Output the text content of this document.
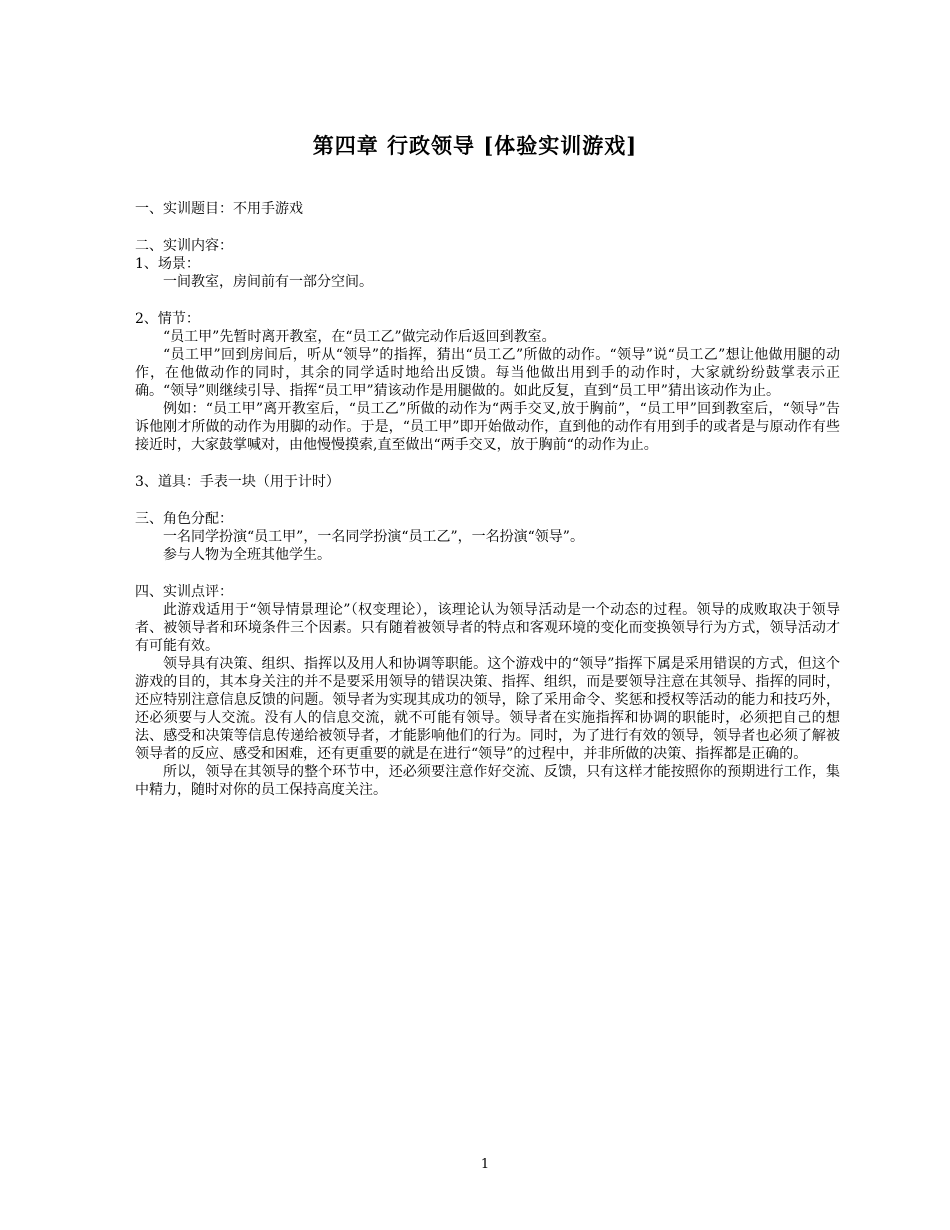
第四章 行政领导 [体验实训游戏]

一、实训题目：不用手游戏

二、实训内容：

1、场景：

一间教室，房间前有一部分空间。

2、情节：

“员工甲”先暂时离开教室，在“员工乙”做完动作后返回到教室。

“员工甲”回到房间后，听从“领导”的指挥，猜出“员工乙”所做的动作。“领导”说“员工乙”想让他做用腿的动作，在他做动作的同时，其余的同学适时地给出反馈。每当他做出用到手的动作时，大家就纷纷鼓掌表示正确。“领导”则继续引导、指挥“员工甲”猜该动作是用腿做的。如此反复，直到“员工甲”猜出该动作为止。

例如：“员工甲”离开教室后，“员工乙”所做的动作为“两手交叉,放于胸前”，“员工甲”回到教室后，“领导”告诉他刚才所做的动作为用脚的动作。于是，“员工甲”即开始做动作，直到他的动作有用到手的或者是与原动作有些接近时，大家鼓掌喊对，由他慢慢摸索,直至做出“两手交叉，放于胸前“的动作为止。

3、道具：手表一块（用于计时）

三、角色分配：

一名同学扮演“员工甲”，一名同学扮演“员工乙”，一名扮演“领导”。

参与人物为全班其他学生。

四、实训点评：

此游戏适用于“领导情景理论”（权变理论），该理论认为领导活动是一个动态的过程。领导的成败取决于领导者、被领导者和环境条件三个因素。只有随着被领导者的特点和客观环境的变化而变换领导行为方式，领导活动才有可能有效。

领导具有决策、组织、指挥以及用人和协调等职能。这个游戏中的“领导”指挥下属是采用错误的方式，但这个游戏的目的，其本身关注的并不是要采用领导的错误决策、指挥、组织，而是要领导注意在其领导、指挥的同时，还应特别注意信息反馈的问题。领导者为实现其成功的领导，除了采用命令、奖惩和授权等活动的能力和技巧外，还必须要与人交流。没有人的信息交流，就不可能有领导。领导者在实施指挥和协调的职能时，必须把自己的想法、感受和决策等信息传递给被领导者，才能影响他们的行为。同时，为了进行有效的领导，领导者也必须了解被领导者的反应、感受和困难，还有更重要的就是在进行“领导”的过程中，并非所做的决策、指挥都是正确的。

所以，领导在其领导的整个环节中，还必须要注意作好交流、反馈，只有这样才能按照你的预期进行工作，集中精力，随时对你的员工保持高度关注。

1
